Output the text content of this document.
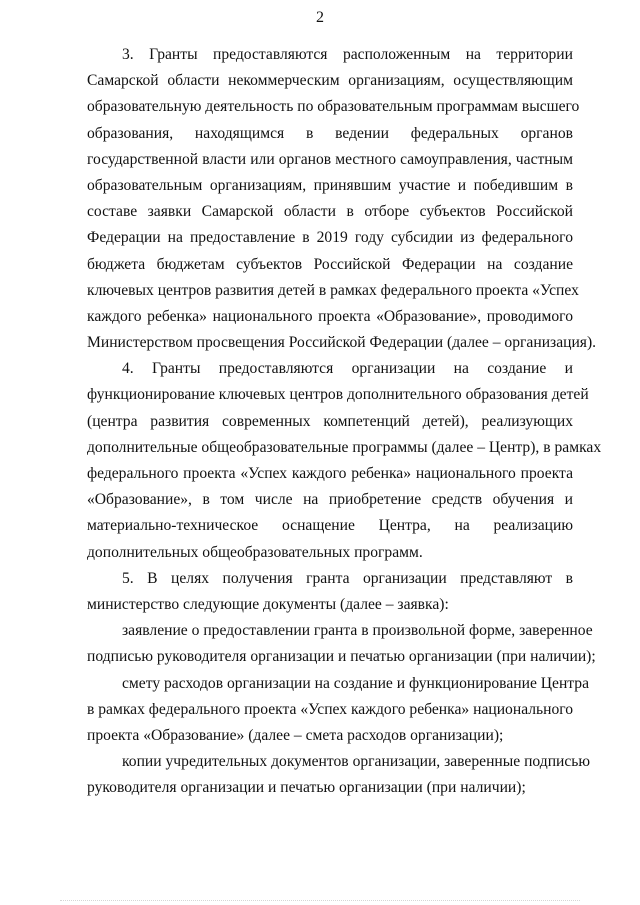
2
3. Гранты предоставляются расположенным на территории
Самарской области некоммерческим организациям, осуществляющим
образовательную деятельность по образовательным программам высшего
образования, находящимся в ведении федеральных органов
государственной власти или органов местного самоуправления, частным
образовательным организациям, принявшим участие и победившим в
составе заявки Самарской области в отборе субъектов Российской
Федерации на предоставление в 2019 году субсидии из федерального
бюджета бюджетам субъектов Российской Федерации на создание
ключевых центров развития детей в рамках федерального проекта «Успех
каждого ребенка» национального проекта «Образование», проводимого
Министерством просвещения Российской Федерации (далее – организация).
4. Гранты предоставляются организации на создание и
функционирование ключевых центров дополнительного образования детей
(центра развития современных компетенций детей), реализующих
дополнительные общеобразовательные программы (далее – Центр), в рамках
федерального проекта «Успех каждого ребенка» национального проекта
«Образование», в том числе на приобретение средств обучения и
материально-техническое оснащение Центра, на реализацию
дополнительных общеобразовательных программ.
5. В целях получения гранта организации представляют в
министерство следующие документы (далее – заявка):
заявление о предоставлении гранта в произвольной форме, заверенное
подписью руководителя организации и печатью организации (при наличии);
смету расходов организации на создание и функционирование Центра
в рамках федерального проекта «Успех каждого ребенка» национального
проекта «Образование» (далее – смета расходов организации);
копии учредительных документов организации, заверенные подписью
руководителя организации и печатью организации (при наличии);
